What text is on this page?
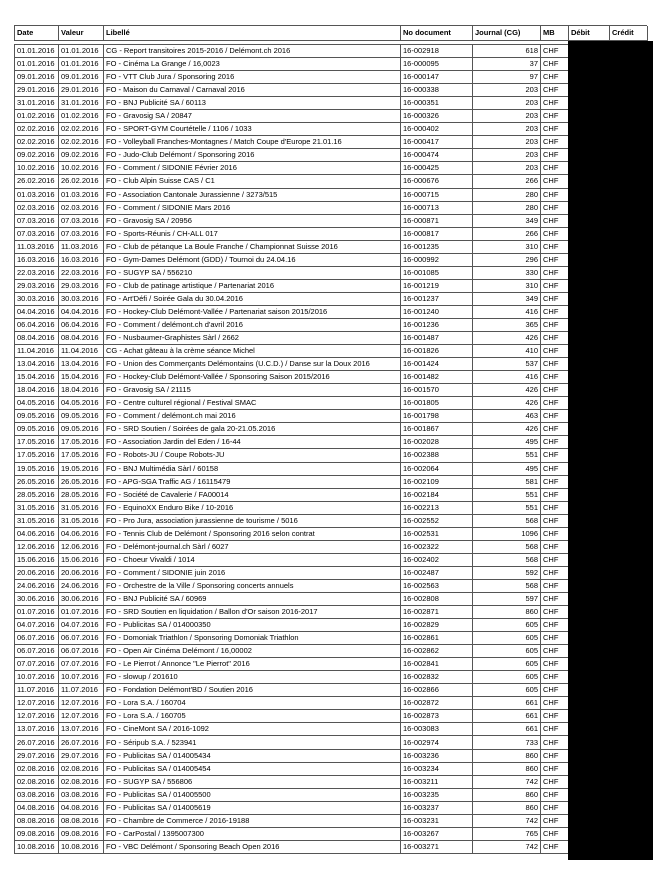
Date	Valeur	Libellé	No document	Journal (CG)	MB	Débit	Crédit
01.01.2016 01.01.2016 CG - Report transitoires 2015-2016 / Delémont.ch 2016	16-002918	618 CHF
01.01.2016 01.01.2016 FO - Cinéma La Grange / 16,0023	16-000095	37 CHF
09.01.2016 09.01.2016 FO - VTT Club Jura / Sponsoring 2016	16-000147	97 CHF
29.01.2016 29.01.2016 FO - Maison du Carnaval / Carnaval 2016	16-000338	203 CHF
31.01.2016 31.01.2016 FO - BNJ Publicité SA / 60113	16-000351	203 CHF
01.02.2016 01.02.2016 FO - Gravosig SA / 20847	16-000326	203 CHF
02.02.2016 02.02.2016 FO - SPORT-GYM Courtételle / 1106 / 1033	16-000402	203 CHF
02.02.2016 02.02.2016 FO - Volleyball Franches-Montagnes / Match Coupe d'Europe 21.01.16	16-000417	203 CHF
09.02.2016 09.02.2016 FO - Judo-Club Delémont / Sponsoring 2016	16-000474	203 CHF
10.02.2016 10.02.2016 FO - Comment / SIDONIE Février 2016	16-000425	203 CHF
26.02.2016 26.02.2016 FO - Club Alpin Suisse CAS / C1	16-000676	266 CHF
01.03.2016 01.03.2016 FO - Association Cantonale Jurassienne / 3273/515	16-000715	280 CHF
02.03.2016 02.03.2016 FO - Comment / SIDONIE Mars 2016	16-000713	280 CHF
07.03.2016 07.03.2016 FO - Gravosig SA / 20956	16-000871	349 CHF
07.03.2016 07.03.2016 FO - Sports-Réunis / CH-ALL 017	16-000817	266 CHF
11.03.2016 11.03.2016	FO - Club de pétanque La Boule Franche / Championnat Suisse 2016	16-001235	310 CHF
16.03.2016 16.03.2016 FO - Gym-Dames Delémont (GDD) / Tournoi du 24.04.16	16-000992	296 CHF
22.03.2016 22.03.2016 FO - SUGYP SA / 556210	16-001085	330 CHF
29.03.2016 29.03.2016 FO - Club de patinage artistique / Partenariat 2016	16-001219	310 CHF
30.03.2016 30.03.2016 FO - Art'Défi / Soirée Gala du 30.04.2016	16-001237	349 CHF
04.04.2016 04.04.2016 FO - Hockey-Club Delémont-Vallée / Partenariat saison 2015/2016	16-001240	416 CHF
06.04.2016 06.04.2016 FO - Comment / delémont.ch d'avril 2016	16-001236	365 CHF
08.04.2016 08.04.2016 FO - Nusbaumer-Graphistes Sàrl / 2662	16-001487	426 CHF
11.04.2016 11.04.2016	CG - Achat gâteau à la crème séance Michel	16-001826	410 CHF
13.04.2016 13.04.2016 FO - Union des Commerçants Delémontains (U.C.D.) / Danse sur la Doux 2016	16-001424	537 CHF
15.04.2016 15.04.2016 FO - Hockey-Club Delémont-Vallée / Sponsoring Saison 2015/2016	16-001482	416 CHF
18.04.2016 18.04.2016 FO - Gravosig SA / 21115	16-001570	426 CHF
04.05.2016 04.05.2016 FO - Centre culturel régional / Festival SMAC	16-001805	426 CHF
09.05.2016 09.05.2016 FO - Comment / delémont.ch mai 2016	16-001798	463 CHF
09.05.2016 09.05.2016 FO - SRD Soutien / Soirées de gala 20-21.05.2016	16-001867	426 CHF
17.05.2016 17.05.2016 FO - Association Jardin del Eden / 16-44	16-002028	495 CHF
17.05.2016 17.05.2016 FO - Robots-JU / Coupe Robots-JU	16-002388	551 CHF
19.05.2016 19.05.2016 FO - BNJ Multimédia Sàrl / 60158	16-002064	495 CHF
26.05.2016 26.05.2016 FO - APG-SGA Traffic AG / 16115479	16-002109	581 CHF
28.05.2016 28.05.2016 FO - Société de Cavalerie / FA00014	16-002184	551 CHF
31.05.2016 31.05.2016 FO - EquinoXX Enduro Bike / 10-2016	16-002213	551 CHF
31.05.2016 31.05.2016 FO - Pro Jura, association jurassienne de tourisme / 5016	16-002552	568 CHF
04.06.2016 04.06.2016 FO - Tennis Club de Delémont / Sponsoring 2016 selon contrat	16-002531	1096 CHF
12.06.2016 12.06.2016 FO - Delémont-journal.ch Sàrl / 6027	16-002322	568 CHF
15.06.2016 15.06.2016 FO - Choeur Vivaldi / 1014	16-002402	568 CHF
20.06.2016 20.06.2016 FO - Comment / SIDONIE juin 2016	16-002487	592 CHF
24.06.2016 24.06.2016 FO - Orchestre de la Ville / Sponsoring concerts annuels	16-002563	568 CHF
30.06.2016 30.06.2016 FO - BNJ Publicité SA / 60969	16-002808	597 CHF
01.07.2016 01.07.2016 FO - SRD Soutien en liquidation / Ballon d'Or saison 2016-2017	16-002871	860 CHF
04.07.2016 04.07.2016 FO - Publicitas SA / 014000350	16-002829	605 CHF
06.07.2016 06.07.2016 FO - Domoniak Triathlon / Sponsoring Domoniak Triathlon	16-002861	605 CHF
06.07.2016 06.07.2016 FO - Open Air Cinéma Delémont / 16,00002	16-002862	605 CHF
07.07.2016 07.07.2016 FO - Le Pierrot / Annonce "Le Pierrot" 2016	16-002841	605 CHF
10.07.2016 10.07.2016 FO - slowup / 201610	16-002832	605 CHF
11.07.2016 11.07.2016	FO - Fondation Delémont'BD / Soutien 2016	16-002866	605 CHF
12.07.2016 12.07.2016 FO - Lora S.A. / 160704	16-002872	661 CHF
12.07.2016 12.07.2016 FO - Lora S.A. / 160705	16-002873	661 CHF
13.07.2016 13.07.2016 FO - CineMont SA / 2016-1092	16-003083	661 CHF
26.07.2016 26.07.2016 FO - Séripub S.A. / 523941	16-002974	733 CHF
29.07.2016 29.07.2016 FO - Publicitas SA / 014005434	16-003236	860 CHF
02.08.2016 02.08.2016 FO - Publicitas SA / 014005454	16-003234	860 CHF
02.08.2016 02.08.2016 FO - SUGYP SA / 556806	16-003211	742 CHF
03.08.2016 03.08.2016 FO - Publicitas SA / 014005500	16-003235	860 CHF
04.08.2016 04.08.2016 FO - Publicitas SA / 014005619	16-003237	860 CHF
08.08.2016 08.08.2016 FO - Chambre de Commerce / 2016-19188	16-003231	742 CHF
09.08.2016 09.08.2016 FO - CarPostal / 1395007300	16-003267	765 CHF
10.08.2016 10.08.2016 FO - VBC Delémont / Sponsoring Beach Open 2016	16-003271	742 CHF
